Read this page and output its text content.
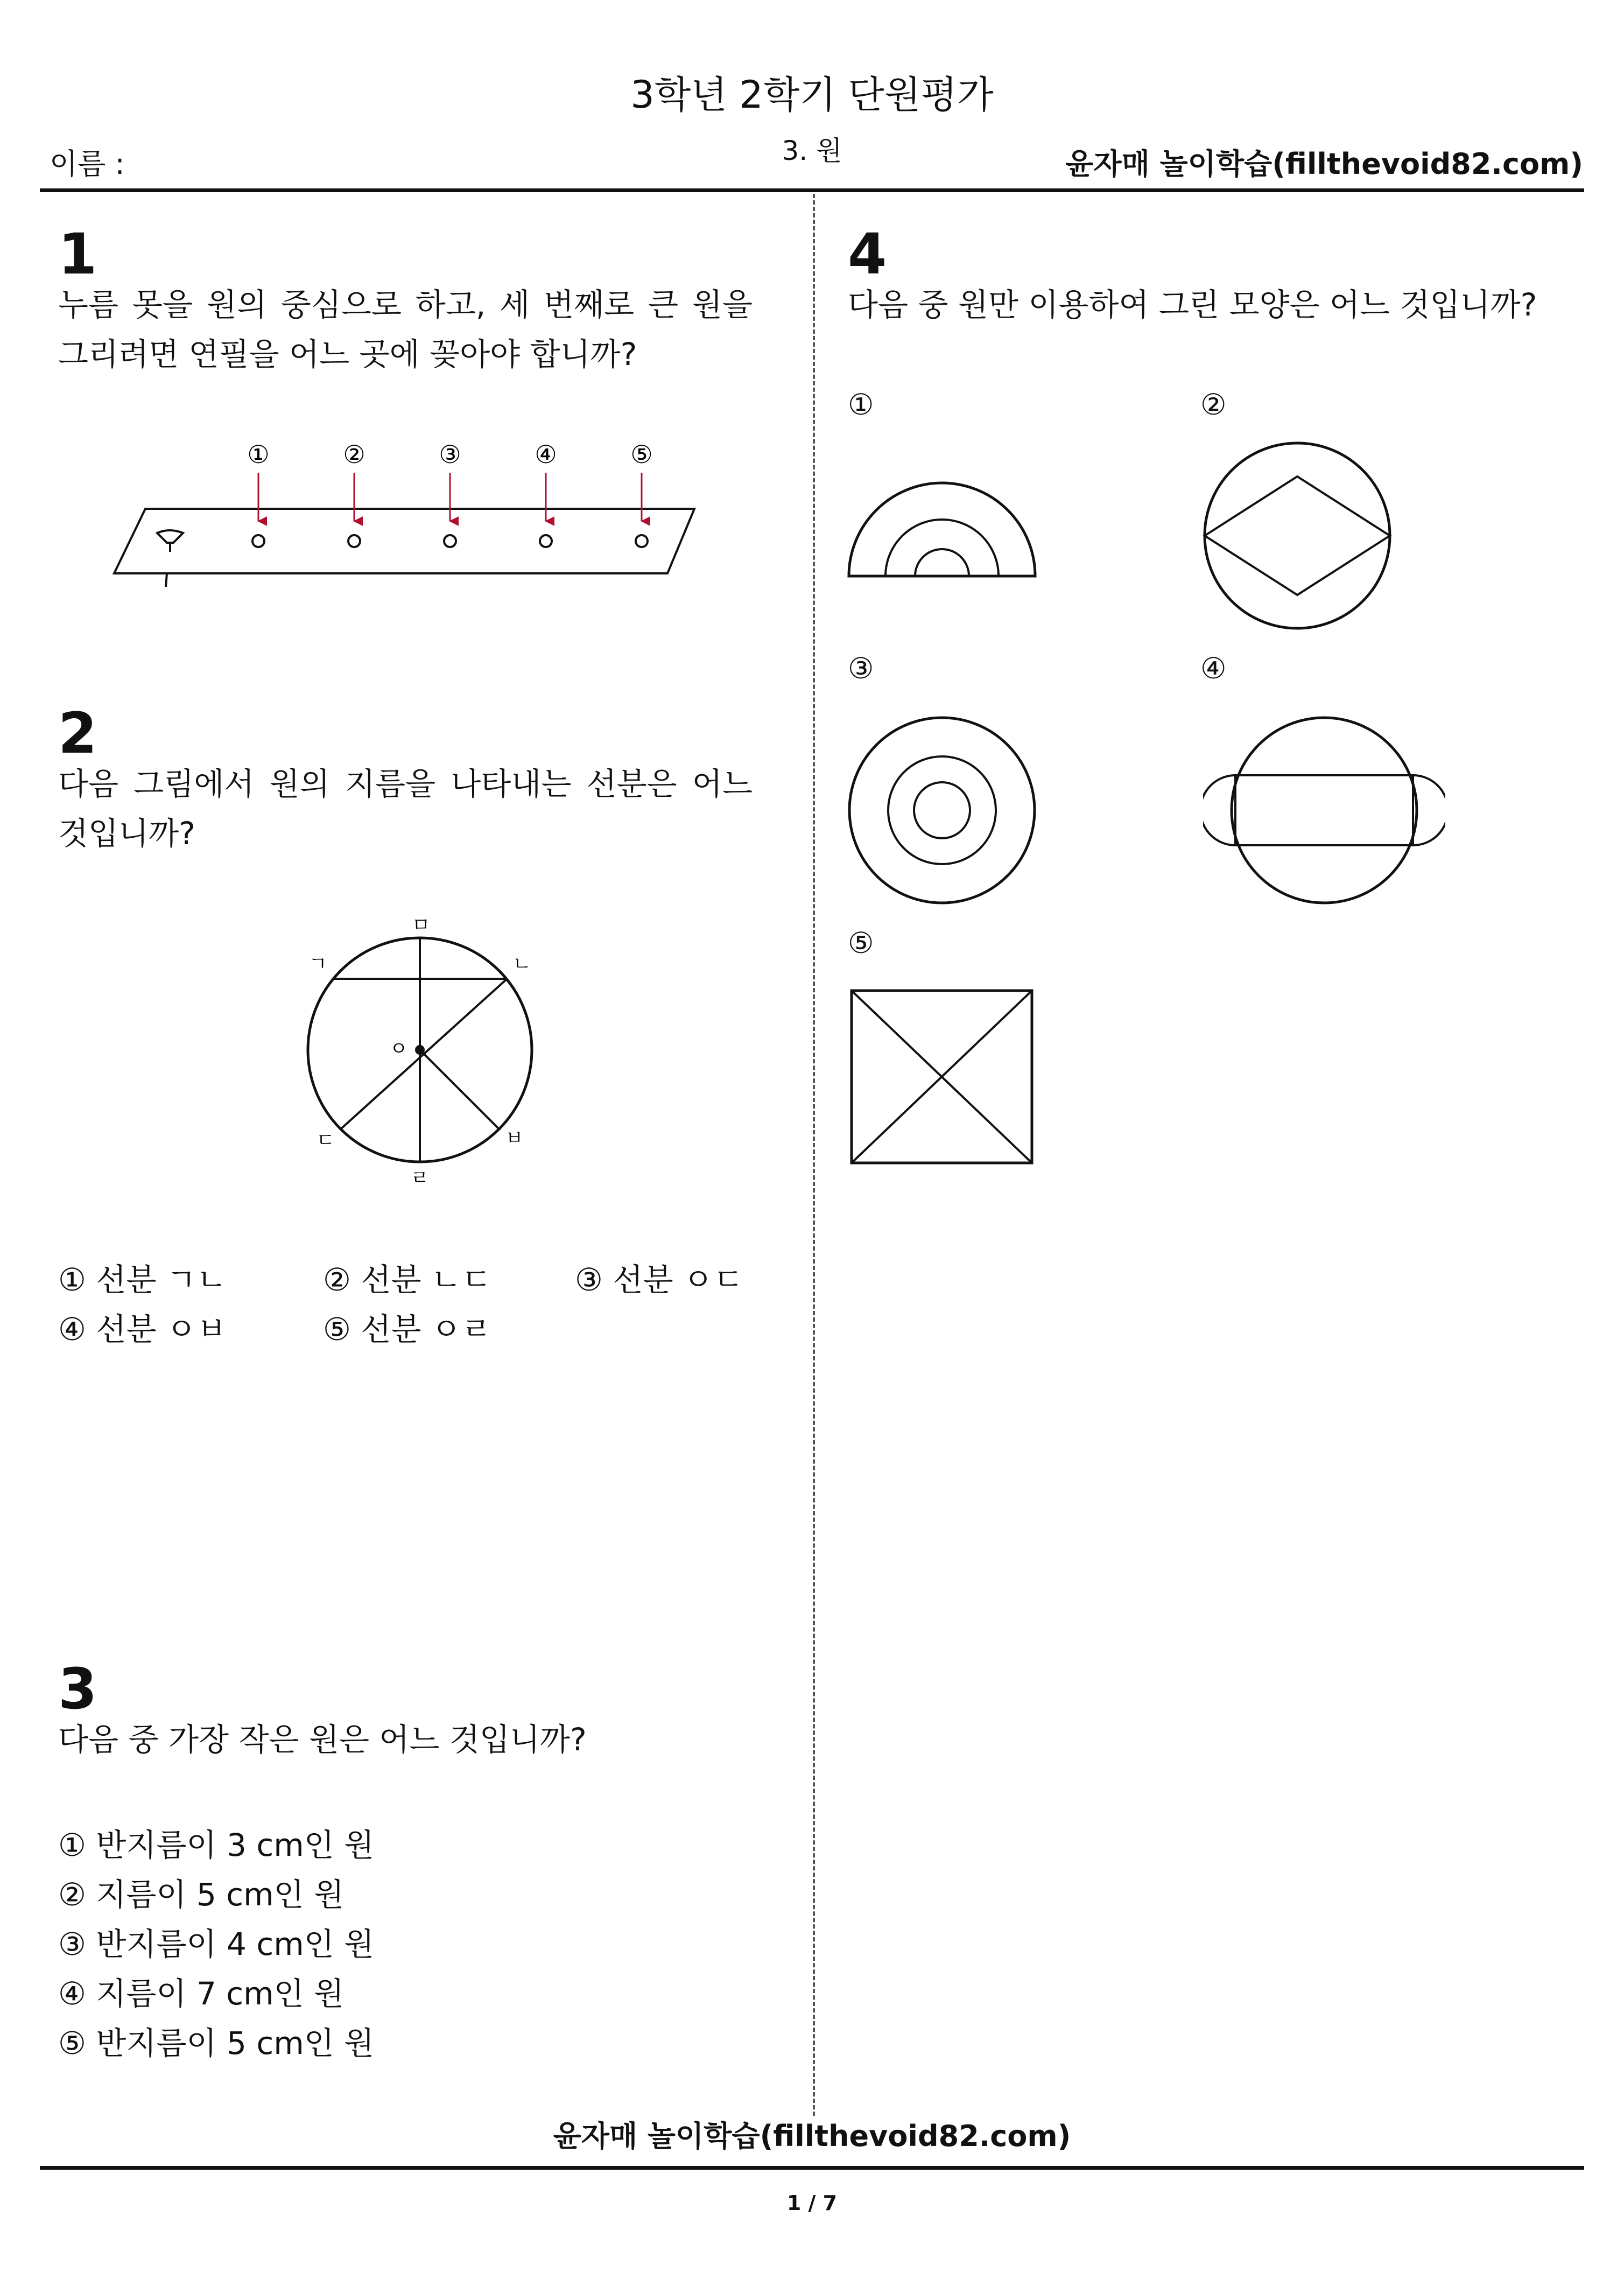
3학년 2학기 단원평가
3. 원
이름 :	윤자매 놀이학습(fillthevoid82.com)
1
누름 못을 원의 중심으로 하고, 세 번째로 큰 원을 그리려면 연필을 어느 곳에 꽂아야 합니까?
①	②	③	④	⑤
2
다음 그림에서 원의 지름을 나타내는 선분은 어느 것입니까?
ㅁ
ㄱ	ㄴ
ㅇ
ㄷ	ㅂ
ㄹ
① 선분 ㄱㄴ	② 선분 ㄴㄷ	③ 선분 ㅇㄷ
④ 선분 ㅇㅂ	⑤ 선분 ㅇㄹ
3
다음 중 가장 작은 원은 어느 것입니까?
① 반지름이 3 cm인 원
② 지름이 5 cm인 원
③ 반지름이 4 cm인 원
④ 지름이 7 cm인 원
⑤ 반지름이 5 cm인 원
4
다음 중 원만 이용하여 그린 모양은 어느 것입니까?
①	②
③	④
⑤
윤자매 놀이학습(fillthevoid82.com)
1 / 7
